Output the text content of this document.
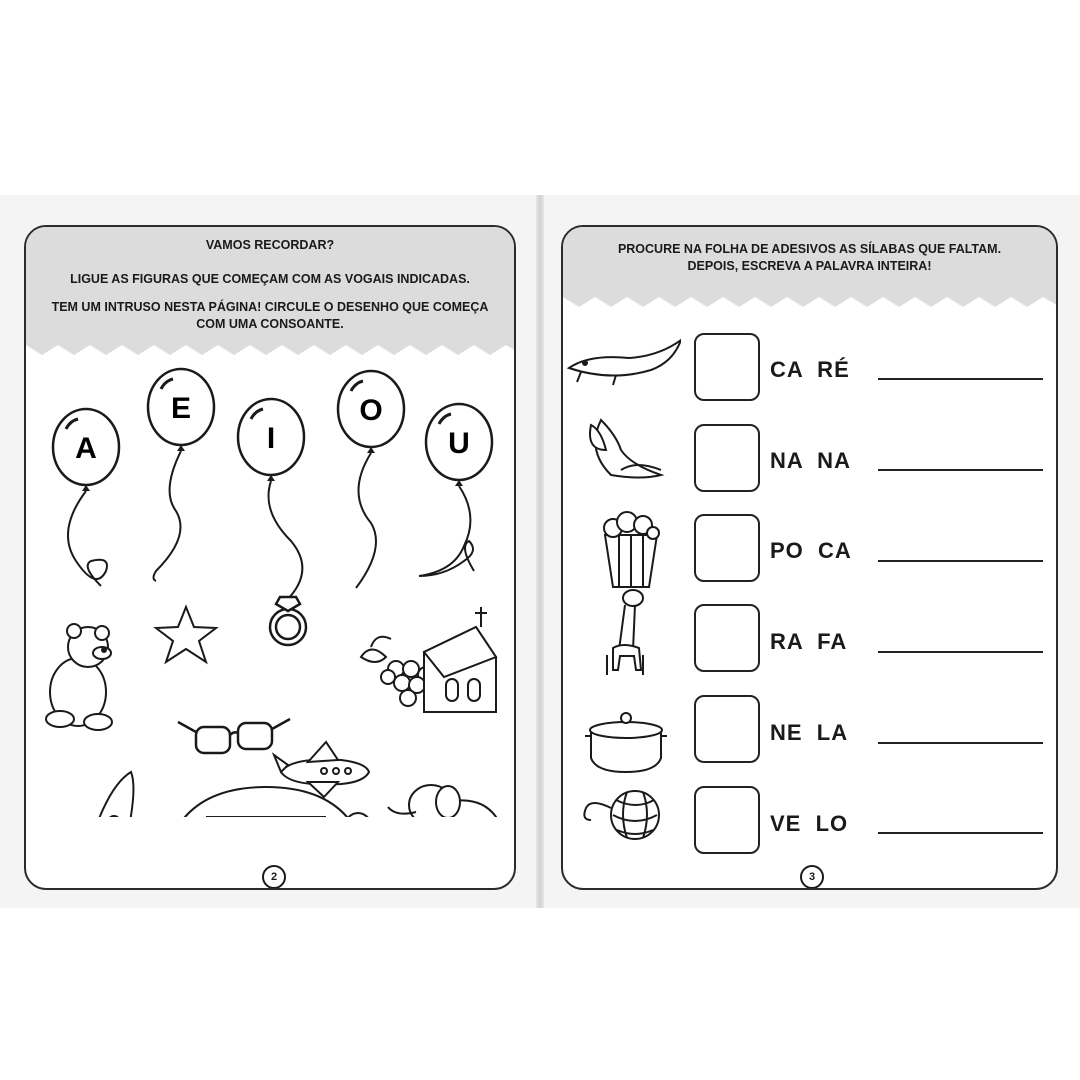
VAMOS RECORDAR?
LIGUE AS FIGURAS QUE COMEÇAM COM AS VOGAIS INDICADAS.
TEM UM INTRUSO NESTA PÁGINA! CIRCULE O DESENHO QUE COMEÇA COM UMA CONSOANTE.
A
E
I
O
U
2
PROCURE NA FOLHA DE ADESIVOS AS SÍLABAS QUE FALTAM. DEPOIS, ESCREVA A PALAVRA INTEIRA!
3
CA  RÉ
NA  NA
PO  CA
RA  FA
NE  LA
VE  LO
